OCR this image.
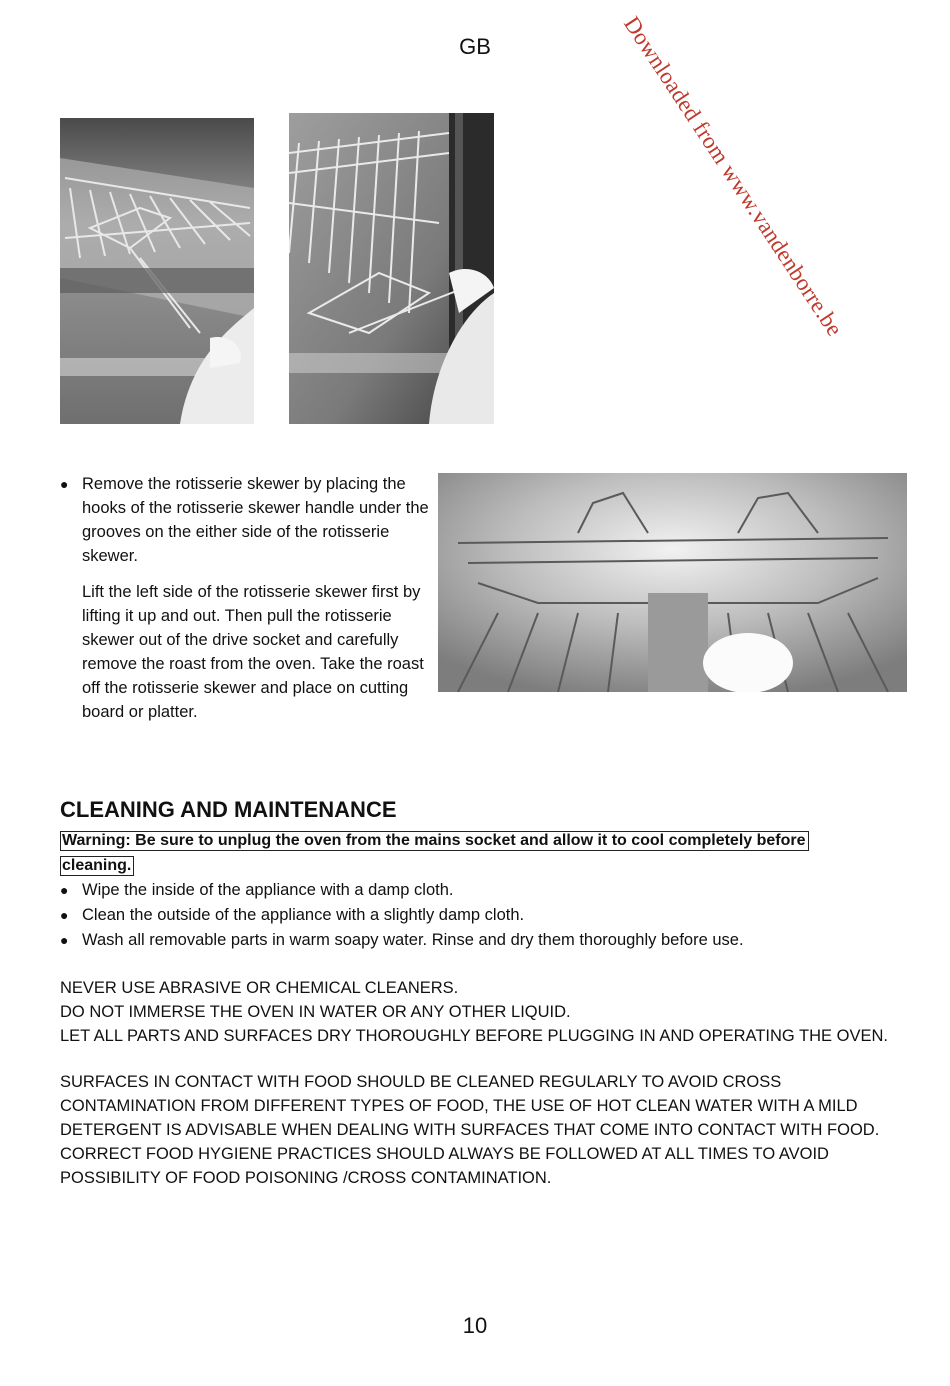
GB	Downloaded from www.vandenborre.be
● Remove the rotisserie skewer by placing the hooks of the rotisserie skewer handle under the grooves on the either side of the rotisserie skewer.

Lift the left side of the rotisserie skewer first by lifting it up and out. Then pull the rotisserie skewer out of the drive socket and carefully remove the roast from the oven. Take the roast off the rotisserie skewer and place on cutting board or platter.

CLEANING AND MAINTENANCE
Warning: Be sure to unplug the oven from the mains socket and allow it to cool completely before cleaning.
● Wipe the inside of the appliance with a damp cloth.
● Clean the outside of the appliance with a slightly damp cloth.
● Wash all removable parts in warm soapy water. Rinse and dry them thoroughly before use.
NEVER USE ABRASIVE OR CHEMICAL CLEANERS.
DO NOT IMMERSE THE OVEN IN WATER OR ANY OTHER LIQUID.
LET ALL PARTS AND SURFACES DRY THOROUGHLY BEFORE PLUGGING IN AND OPERATING THE OVEN.
SURFACES IN CONTACT WITH FOOD SHOULD BE CLEANED REGULARLY TO AVOID CROSS
CONTAMINATION FROM DIFFERENT TYPES OF FOOD, THE USE OF HOT CLEAN WATER WITH A MILD
DETERGENT IS ADVISABLE WHEN DEALING WITH SURFACES THAT COME INTO CONTACT WITH FOOD.
CORRECT FOOD HYGIENE PRACTICES SHOULD ALWAYS BE FOLLOWED AT ALL TIMES TO AVOID
POSSIBILITY OF FOOD POISONING /CROSS CONTAMINATION.
10
